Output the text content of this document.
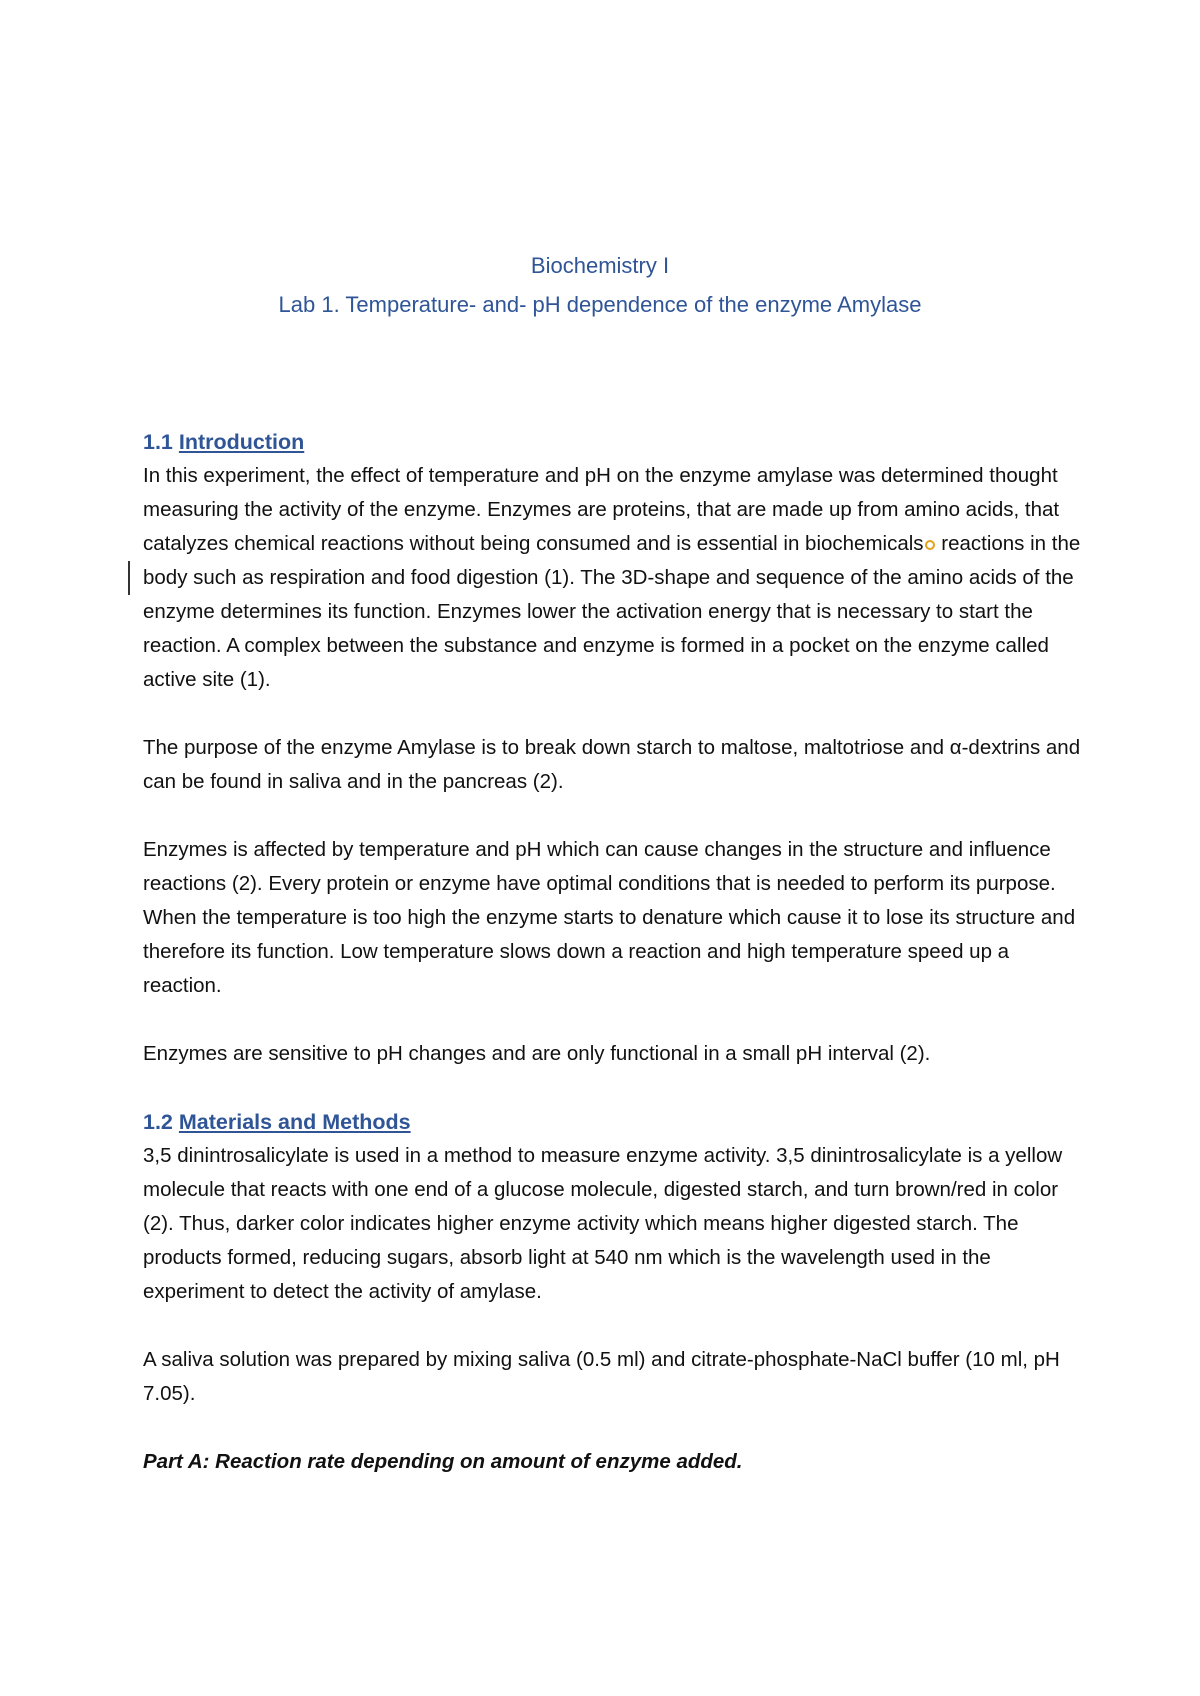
Biochemistry I
Lab 1. Temperature- and- pH dependence of the enzyme Amylase
1.1 Introduction

In this experiment, the effect of temperature and pH on the enzyme amylase was determined thought measuring the activity of the enzyme. Enzymes are proteins, that are made up from amino acids, that catalyzes chemical reactions without being consumed and is essential in biochemicals reactions in the body such as respiration and food digestion (1). The 3D-shape and sequence of the amino acids of the enzyme determines its function. Enzymes lower the activation energy that is necessary to start the reaction. A complex between the substance and enzyme is formed in a pocket on the enzyme called active site (1).

The purpose of the enzyme Amylase is to break down starch to maltose, maltotriose and α-dextrins and can be found in saliva and in the pancreas (2).

Enzymes is affected by temperature and pH which can cause changes in the structure and influence reactions (2). Every protein or enzyme have optimal conditions that is needed to perform its purpose. When the temperature is too high the enzyme starts to denature which cause it to lose its structure and therefore its function. Low temperature slows down a reaction and high temperature speed up a reaction.

Enzymes are sensitive to pH changes and are only functional in a small pH interval (2).

1.2 Materials and Methods

3,5 dinintrosalicylate is used in a method to measure enzyme activity. 3,5 dinintrosalicylate is a yellow molecule that reacts with one end of a glucose molecule, digested starch, and turn brown/red in color (2). Thus, darker color indicates higher enzyme activity which means higher digested starch. The products formed, reducing sugars, absorb light at 540 nm which is the wavelength used in the experiment to detect the activity of amylase.

A saliva solution was prepared by mixing saliva (0.5 ml) and citrate-phosphate-NaCl buffer (10 ml, pH 7.05).

Part A: Reaction rate depending on amount of enzyme added.
